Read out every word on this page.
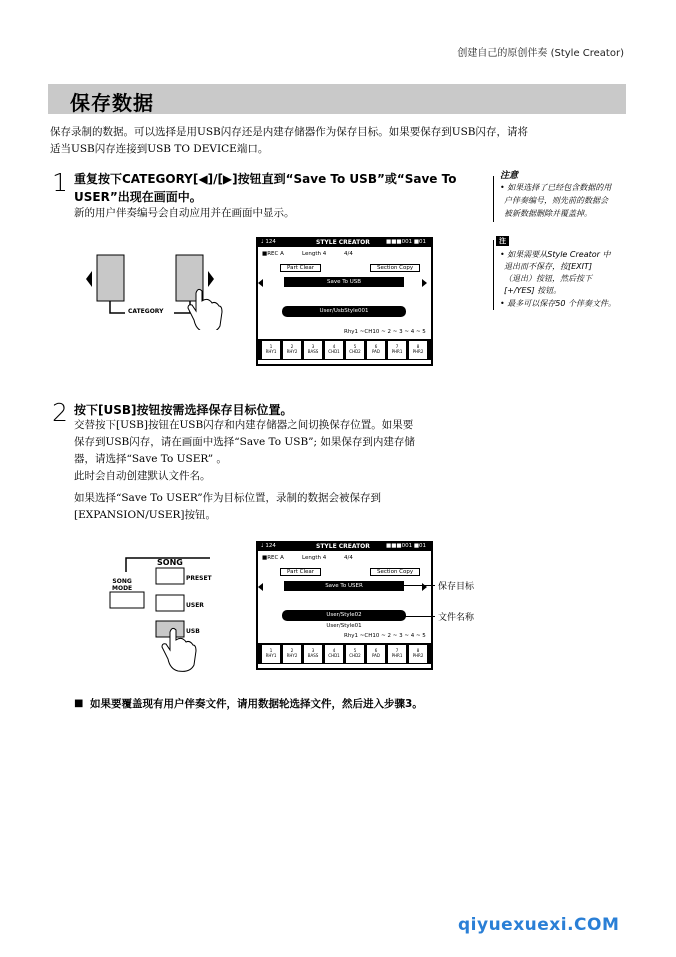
创建自己的原创伴奏 (Style Creator)
保存数据
保存录制的数据。可以选择是用USB闪存还是内建存储器作为保存目标。如果要保存到USB闪存，请将
适当USB闪存连接到USB TO DEVICE端口。
1 重复按下CATEGORY[◀]/[▶]按钮直到“Save To USB”或“Save To
USER”出现在画面中。
新的用户伴奏编号会自动应用并在画面中显示。
注意
• 如果选择了已经包含数据的用
户伴奏编号，则先前的数据会
被新数据删除并覆盖掉。
注
• 如果需要从Style Creator 中
退出而不保存，按[EXIT]
（退出）按钮，然后按下
[+/YES] 按钮。
• 最多可以保存50 个伴奏文件。
CATEGORY
♩ 124	STYLE CREATOR	■■■001 ■01
■REC A	Length 4	4/4
Part Clear	Section Copy
Save To USB
User/UsbStyle001
Rhy1 ~CH10 ~ 2 ~ 3 ~ 4 ~ 5
1
RHY1
2
RHY2
3
BASS
4
CHD1
5
CHD2
6
PAD
7
PHR1
8
PHR2
2 按下[USB]按钮按需选择保存目标位置。
交替按下[USB]按钮在USB闪存和内建存储器之间切换保存位置。如果要
保存到USB闪存，请在画面中选择“Save To USB”; 如果保存到内建存储
器，请选择“Save To USER” 。
此时会自动创建默认文件名。
如果选择“Save To USER”作为目标位置，录制的数据会被保存到
[EXPANSION/USER]按钮。
SONG
SONG
MODE
PRESET
USER
USB
♩ 124	STYLE CREATOR	■■■001 ■01
■REC A	Length 4	4/4
Part Clear	Section Copy
Save To USER
User/Style02
User/Style01
Rhy1 ~CH10 ~ 2 ~ 3 ~ 4 ~ 5
1
RHY1
2
RHY2
3
BASS
4
CHD1
5
CHD2
6
PAD
7
PHR1
8
PHR2
保存目标
文件名称
■ 如果要覆盖现有用户伴奏文件，请用数据轮选择文件，然后进入步骤3。
qiyuexuexi.COM
